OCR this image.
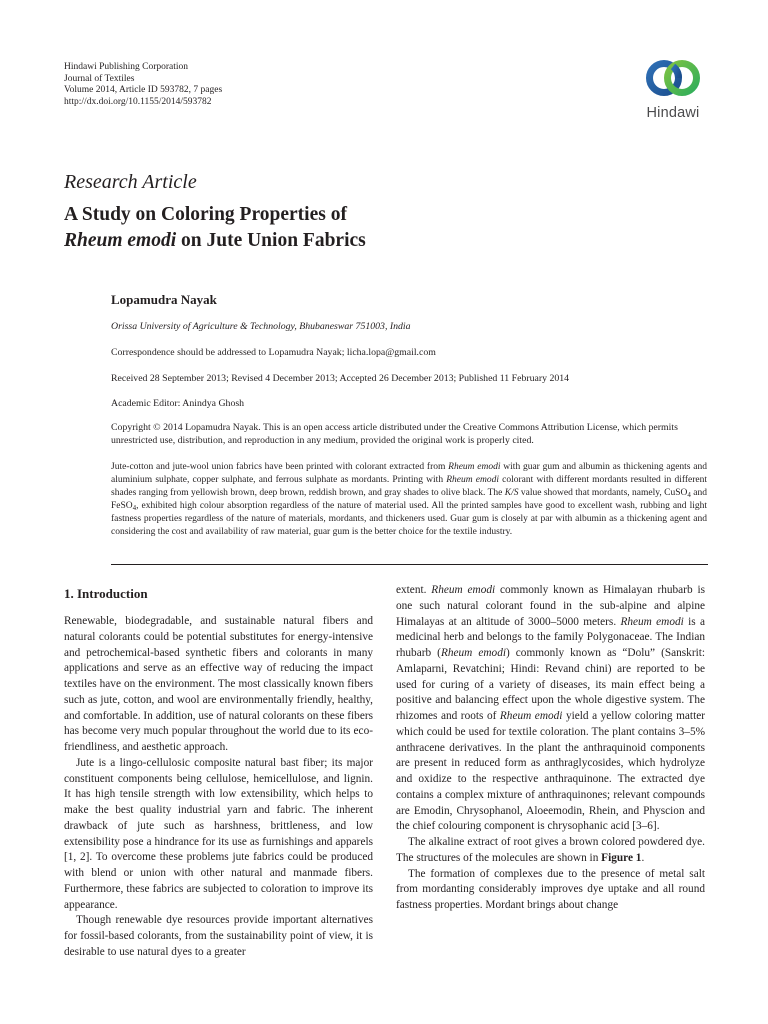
Hindawi Publishing Corporation
Journal of Textiles
Volume 2014, Article ID 593782, 7 pages
http://dx.doi.org/10.1155/2014/593782
Hindawi
Research Article
A Study on Coloring Properties of
Rheum emodi on Jute Union Fabrics
Lopamudra Nayak
Orissa University of Agriculture & Technology, Bhubaneswar 751003, India
Correspondence should be addressed to Lopamudra Nayak; licha.lopa@gmail.com
Received 28 September 2013; Revised 4 December 2013; Accepted 26 December 2013; Published 11 February 2014
Academic Editor: Anindya Ghosh
Copyright © 2014 Lopamudra Nayak. This is an open access article distributed under the Creative Commons Attribution License, which permits unrestricted use, distribution, and reproduction in any medium, provided the original work is properly cited.
Jute-cotton and jute-wool union fabrics have been printed with colorant extracted from Rheum emodi with guar gum and albumin as thickening agents and aluminium sulphate, copper sulphate, and ferrous sulphate as mordants. Printing with Rheum emodi colorant with different mordants resulted in different shades ranging from yellowish brown, deep brown, reddish brown, and gray shades to olive black. The K/S value showed that mordants, namely, CuSO$_4$ and FeSO$_4$, exhibited high colour absorption regardless of the nature of material used. All the printed samples have good to excellent wash, rubbing and light fastness properties regardless of the nature of materials, mordants, and thickeners used. Guar gum is closely at par with albumin as a thickening agent and considering the cost and availability of raw material, guar gum is the better choice for the textile industry.
1. Introduction

Renewable, biodegradable, and sustainable natural fibers and natural colorants could be potential substitutes for energy-intensive and petrochemical-based synthetic fibers and colorants in many applications and serve as an effective way of reducing the impact textiles have on the environment. The most classically known fibers such as jute, cotton, and wool are environmentally friendly, healthy, and comfortable. In addition, use of natural colorants on these fibers has become very much popular throughout the world due to its eco-friendliness, and aesthetic approach.

Jute is a lingo-cellulosic composite natural bast fiber; its major constituent components being cellulose, hemicellulose, and lignin. It has high tensile strength with low extensibility, which helps to make the best quality industrial yarn and fabric. The inherent drawback of jute such as harshness, brittleness, and low extensibility pose a hindrance for its use as furnishings and apparels [1, 2]. To overcome these problems jute fabrics could be produced with blend or union with other natural and manmade fibers. Furthermore, these fabrics are subjected to coloration to improve its appearance.

Though renewable dye resources provide important alternatives for fossil-based colorants, from the sustainability point of view, it is desirable to use natural dyes to a greater

extent. Rheum emodi commonly known as Himalayan rhubarb is one such natural colorant found in the sub-alpine and alpine Himalayas at an altitude of 3000–5000 meters. Rheum emodi is a medicinal herb and belongs to the family Polygonaceae. The Indian rhubarb (Rheum emodi) commonly known as “Dolu” (Sanskrit: Amlaparni, Revatchini; Hindi: Revand chini) are reported to be used for curing of a variety of diseases, its main effect being a positive and balancing effect upon the whole digestive system. The rhizomes and roots of Rheum emodi yield a yellow coloring matter which could be used for textile coloration. The plant contains 3–5% anthracene derivatives. In the plant the anthraquinoid components are present in reduced form as anthraglycosides, which hydrolyze and oxidize to the respective anthraquinone. The extracted dye contains a complex mixture of anthraquinones; relevant compounds are Emodin, Chrysophanol, Aloeemodin, Rhein, and Physcion and the chief colouring component is chrysophanic acid [3–6].

The alkaline extract of root gives a brown colored powdered dye. The structures of the molecules are shown in Figure 1.

The formation of complexes due to the presence of metal salt from mordanting considerably improves dye uptake and all round fastness properties. Mordant brings about change
